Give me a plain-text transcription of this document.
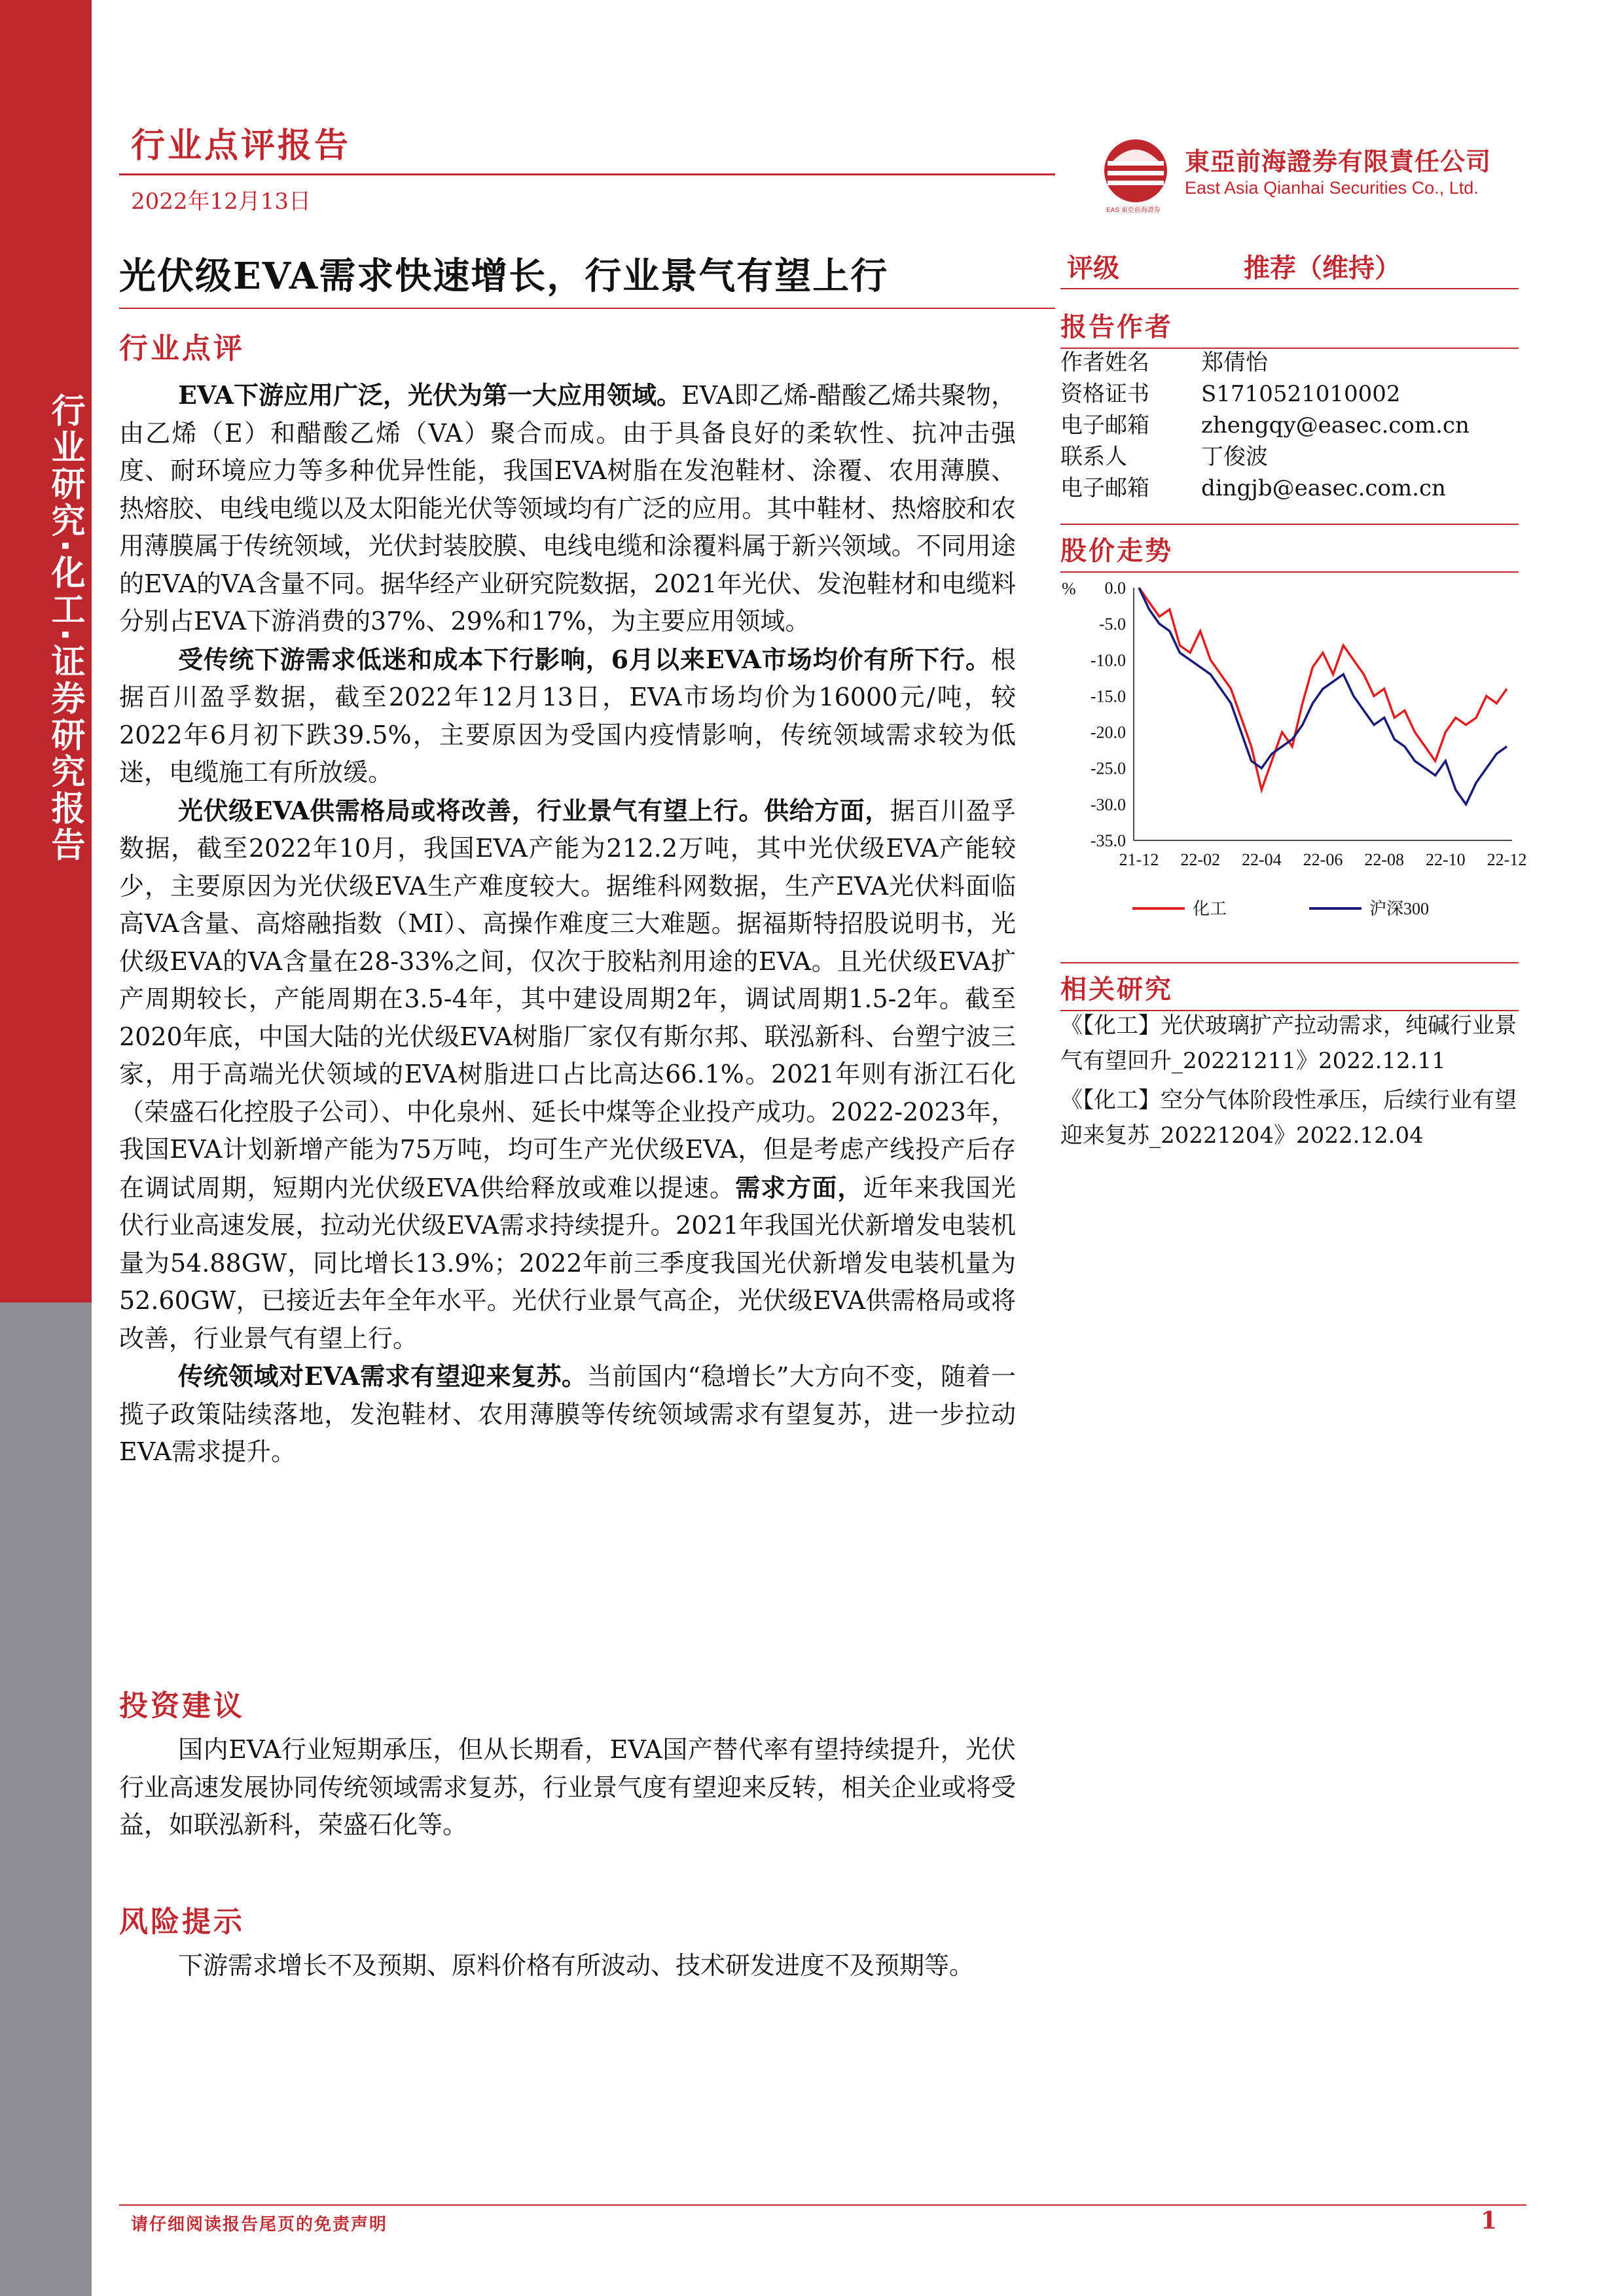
行业研究·化工·证券研究报告
行业点评报告
2022年12月13日	EAS 東亞前海證券
東亞前海證券有限責任公司
East Asia Qianhai Securities Co., Ltd.
光伏级EVA需求快速增长，行业景气有望上行	评级	推荐（维持）
报告作者
作者姓名 郑倩怡
资格证书 S1710521010002
电子邮箱 zhengqy@easec.com.cn
联系人	丁俊波
电子邮箱 dingjb@easec.com.cn
股价走势
% 0.0
-5.0
-10.0
-15.0
-20.0
-25.0
-30.0
-35.0
21-12 22-02 22-04 22-06 22-08 22-10 22-12
化工	沪深300
相关研究
《【化工】光伏玻璃扩产拉动需求，纯碱行业景气有望回升_20221211》2022.12.11
《【化工】空分气体阶段性承压，后续行业有望迎来复苏_20221204》2022.12.04
行业点评

EVA下游应用广泛，光伏为第一大应用领域。EVA即乙烯-醋酸乙烯共聚物，由乙烯（E）和醋酸乙烯（VA）聚合而成。由于具备良好的柔软性、抗冲击强度、耐环境应力等多种优异性能，我国EVA树脂在发泡鞋材、涂覆、农用薄膜、热熔胶、电线电缆以及太阳能光伏等领域均有广泛的应用。其中鞋材、热熔胶和农用薄膜属于传统领域，光伏封装胶膜、电线电缆和涂覆料属于新兴领域。不同用途的EVA的VA含量不同。据华经产业研究院数据，2021年光伏、发泡鞋材和电缆料分别占EVA下游消费的37%、29%和17%，为主要应用领域。

受传统下游需求低迷和成本下行影响，6月以来EVA市场均价有所下行。根据百川盈孚数据，截至2022年12月13日，EVA市场均价为16000元/吨，较2022年6月初下跌39.5%，主要原因为受国内疫情影响，传统领域需求较为低迷，电缆施工有所放缓。

光伏级EVA供需格局或将改善，行业景气有望上行。供给方面，据百川盈孚数据，截至2022年10月，我国EVA产能为212.2万吨，其中光伏级EVA产能较少，主要原因为光伏级EVA生产难度较大。据维科网数据，生产EVA光伏料面临高VA含量、高熔融指数（MI）、高操作难度三大难题。据福斯特招股说明书，光伏级EVA的VA含量在28-33%之间，仅次于胶粘剂用途的EVA。且光伏级EVA扩产周期较长，产能周期在3.5-4年，其中建设周期2年，调试周期1.5-2年。截至2020年底，中国大陆的光伏级EVA树脂厂家仅有斯尔邦、联泓新科、台塑宁波三家，用于高端光伏领域的EVA树脂进口占比高达66.1%。2021年则有浙江石化（荣盛石化控股子公司）、中化泉州、延长中煤等企业投产成功。2022-2023年，我国EVA计划新增产能为75万吨，均可生产光伏级EVA，但是考虑产线投产后存在调试周期，短期内光伏级EVA供给释放或难以提速。需求方面，近年来我国光伏行业高速发展，拉动光伏级EVA需求持续提升。2021年我国光伏新增发电装机量为54.88GW，同比增长13.9%；2022年前三季度我国光伏新增发电装机量为52.60GW，已接近去年全年水平。光伏行业景气高企，光伏级EVA供需格局或将改善，行业景气有望上行。

传统领域对EVA需求有望迎来复苏。当前国内“稳增长”大方向不变，随着一揽子政策陆续落地，发泡鞋材、农用薄膜等传统领域需求有望复苏，进一步拉动EVA需求提升。

投资建议

国内EVA行业短期承压，但从长期看，EVA国产替代率有望持续提升，光伏行业高速发展协同传统领域需求复苏，行业景气度有望迎来反转，相关企业或将受益，如联泓新科，荣盛石化等。

风险提示

下游需求增长不及预期、原料价格有所波动、技术研发进度不及预期等。

请仔细阅读报告尾页的免责声明	1
